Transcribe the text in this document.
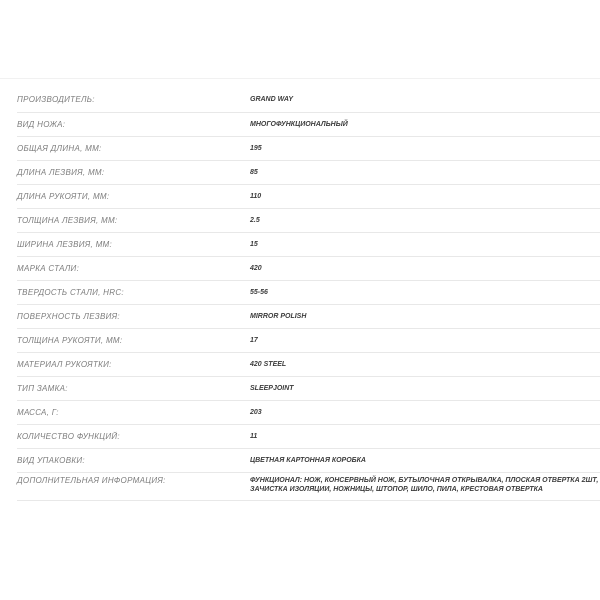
ПРОИЗВОДИТЕЛЬ:	GRAND WAY
ВИД НОЖА:	МНОГОФУНКЦИОНАЛЬНЫЙ
ОБЩАЯ ДЛИНА, ММ:	195
ДЛИНА ЛЕЗВИЯ, ММ:	85
ДЛИНА РУКОЯТИ, ММ:	110
ТОЛЩИНА ЛЕЗВИЯ, ММ:	2.5
ШИРИНА ЛЕЗВИЯ, ММ:	15
МАРКА СТАЛИ:	420
ТВЕРДОСТЬ СТАЛИ, HRC:	55-56
ПОВЕРХНОСТЬ ЛЕЗВИЯ:	MIRROR POLISH
ТОЛЩИНА РУКОЯТИ, ММ:	17
МАТЕРИАЛ РУКОЯТКИ:	420 STEEL
ТИП ЗАМКА:	SLEEPJOINT
МАССА, Г:	203
КОЛИЧЕСТВО ФУНКЦИЙ:	11
ВИД УПАКОВКИ:	ЦВЕТНАЯ КАРТОННАЯ КОРОБКА
ДОПОЛНИТЕЛЬНАЯ ИНФОРМАЦИЯ:	ФУНКЦИОНАЛ: НОЖ, КОНСЕРВНЫЙ НОЖ, БУТЫЛОЧНАЯ ОТКРЫВАЛКА, ПЛОСКАЯ ОТВЕРТКА 2ШТ,
ЗАЧИСТКА ИЗОЛЯЦИИ, НОЖНИЦЫ, ШТОПОР, ШИЛО, ПИЛА, КРЕСТОВАЯ ОТВЕРТКА
